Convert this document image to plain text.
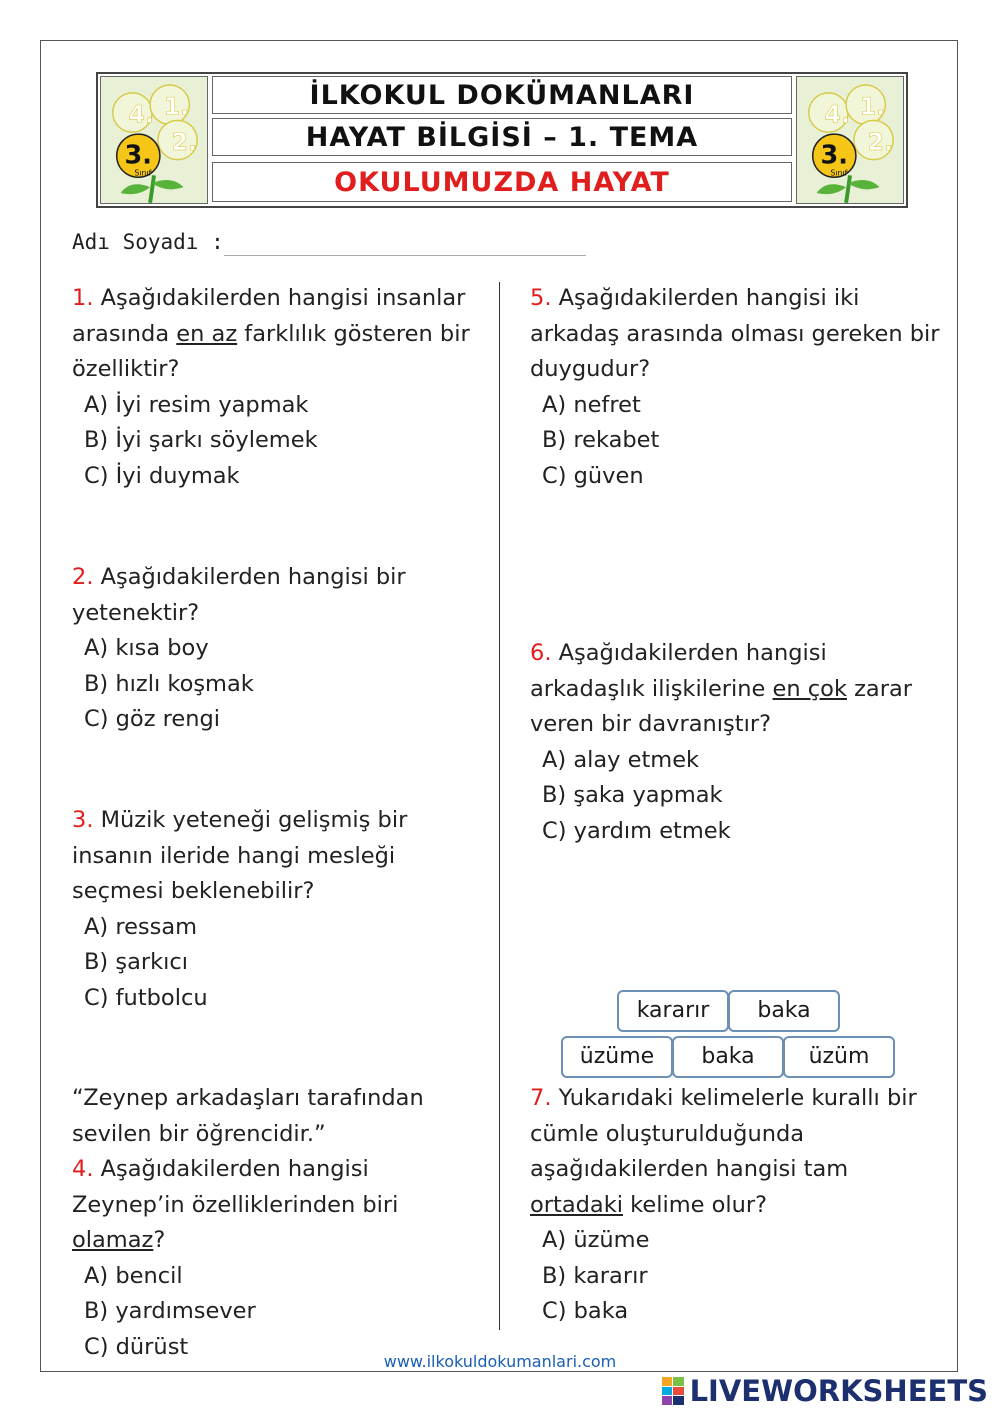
4. 1.
2.
3.
Sınıf
İLKOKUL DOKÜMANLARI
HAYAT BİLGİSİ – 1. TEMA
OKULUMUZDA HAYAT
4. 1.
2.
3.
Sınıf
Adı Soyadı :
1. Aşağıdakilerden hangisi insanlar arasında en az farklılık gösteren bir özelliktir?
A) İyi resim yapmak
B) İyi şarkı söylemek
C) İyi duymak
2. Aşağıdakilerden hangisi bir yetenektir?
A) kısa boy
B) hızlı koşmak
C) göz rengi
3. Müzik yeteneği gelişmiş bir insanın ileride hangi mesleği seçmesi beklenebilir?
A) ressam
B) şarkıcı
C) futbolcu
“Zeynep arkadaşları tarafından sevilen bir öğrencidir.”
4. Aşağıdakilerden hangisi Zeynep’in özelliklerinden biri olamaz?
A) bencil
B) yardımsever
C) dürüst
5. Aşağıdakilerden hangisi iki arkadaş arasında olması gereken bir duygudur?
A) nefret
B) rekabet
C) güven
6. Aşağıdakilerden hangisi arkadaşlık ilişkilerine en çok zarar veren bir davranıştır?
A) alay etmek
B) şaka yapmak
C) yardım etmek
kararır	baka
üzüme	baka	üzüm
7. Yukarıdaki kelimelerle kurallı bir cümle oluşturulduğunda aşağıdakilerden hangisi tam ortadaki kelime olur?
A) üzüme
B) kararır
C) baka
www.ilkokuldokumanlari.com
LIVEWORKSHEETS
